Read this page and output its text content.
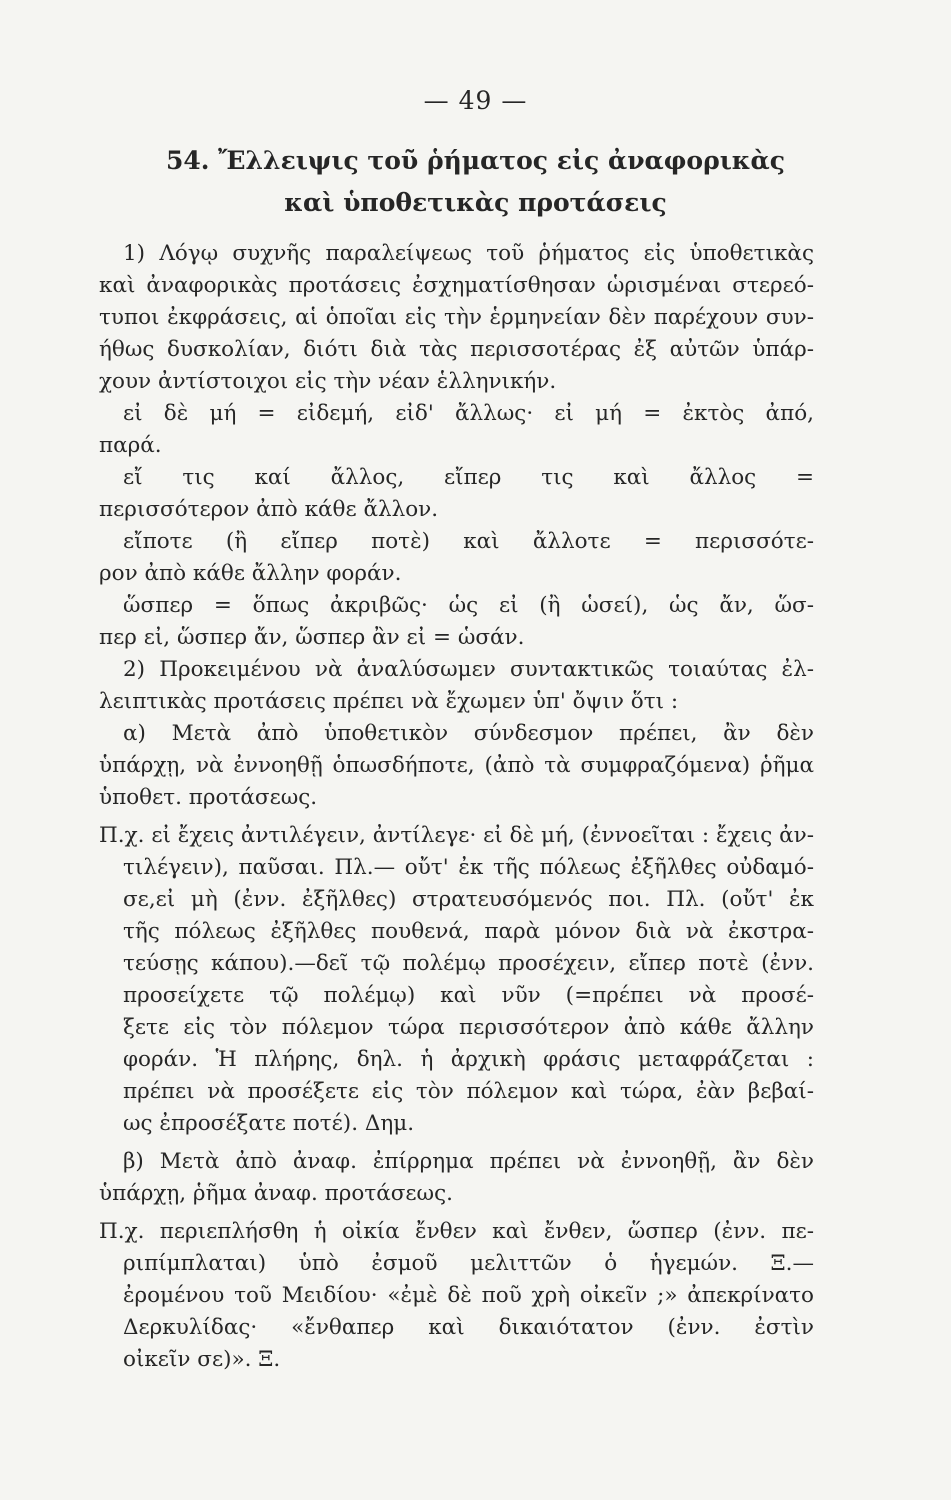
— 49 —
54. Ἔλλειψις τοῦ ῥήματος εἰς ἀναφορικὰς
καὶ ὑποθετικὰς προτάσεις
1) Λόγῳ συχνῆς παραλείψεως τοῦ ῥήματος εἰς ὑποθετικὰς
καὶ ἀναφορικὰς προτάσεις ἐσχηματίσθησαν ὡρισμέναι στερεό-
τυποι ἐκφράσεις, αἱ ὁποῖαι εἰς τὴν ἑρμηνείαν δὲν παρέχουν συν-
ήθως δυσκολίαν, διότι διὰ τὰς περισσοτέρας ἐξ αὐτῶν ὑπάρ-
χουν ἀντίστοιχοι εἰς τὴν νέαν ἑλληνικήν.
εἰ δὲ μή = εἰδεμή, εἰδ' ἄλλως· εἰ μή = ἐκτὸς ἀπό,
παρά.
εἴ τις καί ἄλλος, εἴπερ τις καὶ ἄλλος =
περισσότερον ἀπὸ κάθε ἄλλον.
εἴποτε (ἢ εἴπερ ποτὲ) καὶ ἄλλοτε = περισσότε-
ρον ἀπὸ κάθε ἄλλην φοράν.
ὥσπερ = ὅπως ἀκριβῶς· ὡς εἰ (ἢ ὡσεί), ὡς ἄν, ὥσ-
περ εἰ, ὥσπερ ἄν, ὥσπερ ἂν εἰ = ὡσάν.
2) Προκειμένου νὰ ἀναλύσωμεν συντακτικῶς τοιαύτας ἐλ-
λειπτικὰς προτάσεις πρέπει νὰ ἔχωμεν ὑπ' ὄψιν ὅτι :
α) Μετὰ ἀπὸ ὑποθετικὸν σύνδεσμον πρέπει, ἂν δὲν
ὑπάρχῃ, νὰ ἐννοηθῇ ὁπωσδήποτε, (ἀπὸ τὰ συμφραζόμενα) ῥῆμα
ὑποθετ. προτάσεως.
Π.χ. εἰ ἔχεις ἀντιλέγειν, ἀντίλεγε· εἰ δὲ μή, (ἐννοεῖται : ἔχεις ἀν-
τιλέγειν), παῦσαι. Πλ.— οὔτ' ἐκ τῆς πόλεως ἐξῆλθες οὐδαμό-
σε,εἰ μὴ (ἐνν. ἐξῆλθες) στρατευσόμενός ποι. Πλ. (οὔτ' ἐκ
τῆς πόλεως ἐξῆλθες πουθενά, παρὰ μόνον διὰ νὰ ἐκστρα-
τεύσῃς κάπου).—δεῖ τῷ πολέμῳ προσέχειν, εἴπερ ποτὲ (ἐνν.
προσείχετε τῷ πολέμῳ) καὶ νῦν (=πρέπει νὰ προσέ-
ξετε εἰς τὸν πόλεμον τώρα περισσότερον ἀπὸ κάθε ἄλλην
φοράν. Ἡ πλήρης, δηλ. ἡ ἀρχικὴ φράσις μεταφράζεται :
πρέπει νὰ προσέξετε εἰς τὸν πόλεμον καὶ τώρα, ἐὰν βεβαί-
ως ἐπροσέξατε ποτέ). Δημ.
β) Μετὰ ἀπὸ ἀναφ. ἐπίρρημα πρέπει νὰ ἐννοηθῇ, ἂν δὲν
ὑπάρχῃ, ῥῆμα ἀναφ. προτάσεως.
Π.χ. περιεπλήσθη ἡ οἰκία ἔνθεν καὶ ἔνθεν, ὥσπερ (ἐνν. πε-
ριπίμπλαται) ὑπὸ ἐσμοῦ μελιττῶν ὁ ἡγεμών. Ξ.—
ἐρομένου τοῦ Μειδίου· «ἐμὲ δὲ ποῦ χρὴ οἰκεῖν ;» ἀπεκρίνατο
Δερκυλίδας· «ἔνθαπερ καὶ δικαιότατον (ἐνν. ἐστὶν
οἰκεῖν σε)». Ξ.
